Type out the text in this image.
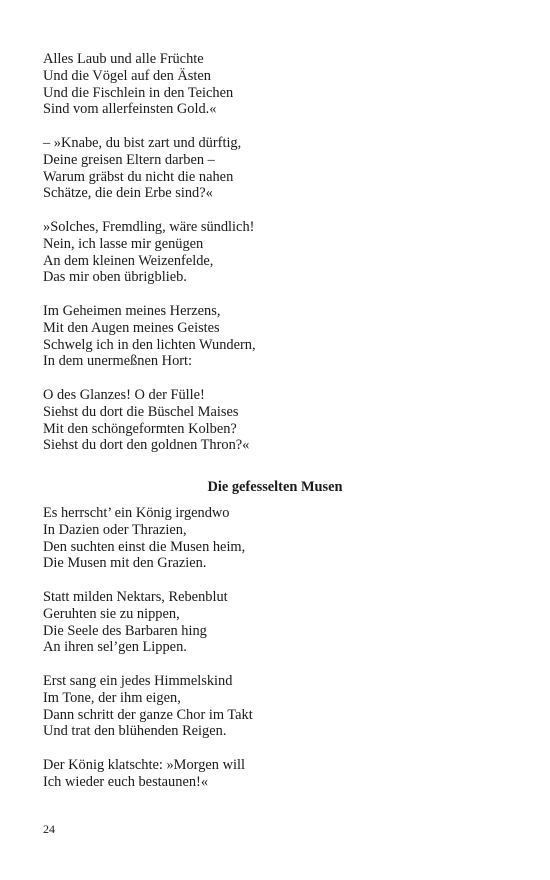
Alles Laub und alle Früchte
Und die Vögel auf den Ästen
Und die Fischlein in den Teichen
Sind vom allerfeinsten Gold.«
– »Knabe, du bist zart und dürftig,
Deine greisen Eltern darben –
Warum gräbst du nicht die nahen
Schätze, die dein Erbe sind?«
»Solches, Fremdling, wäre sündlich!
Nein, ich lasse mir genügen
An dem kleinen Weizenfelde,
Das mir oben übrigblieb.
Im Geheimen meines Herzens,
Mit den Augen meines Geistes
Schwelg ich in den lichten Wundern,
In dem unermeßnen Hort:
O des Glanzes! O der Fülle!
Siehst du dort die Büschel Maises
Mit den schöngeformten Kolben?
Siehst du dort den goldnen Thron?«
Die gefesselten Musen
Es herrscht’ ein König irgendwo
In Dazien oder Thrazien,
Den suchten einst die Musen heim,
Die Musen mit den Grazien.
Statt milden Nektars, Rebenblut
Geruhten sie zu nippen,
Die Seele des Barbaren hing
An ihren sel’gen Lippen.
Erst sang ein jedes Himmelskind
Im Tone, der ihm eigen,
Dann schritt der ganze Chor im Takt
Und trat den blühenden Reigen.
Der König klatschte: »Morgen will
Ich wieder euch bestaunen!«
24
